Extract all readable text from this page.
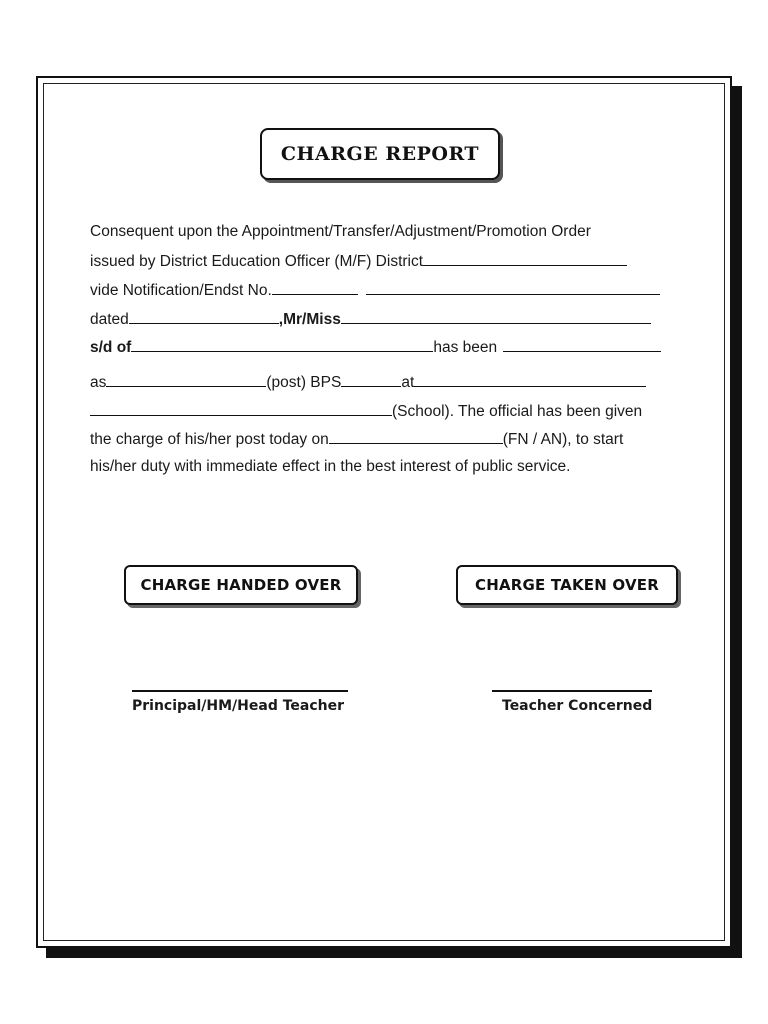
CHARGE REPORT
Consequent upon the Appointment/Transfer/Adjustment/Promotion Order
issued by District Education Officer (M/F) District
vide Notification/Endst No.
dated	,Mr/Miss
s/d of	has been
as	(post) BPS	at
(School). The official has been given
the charge of his/her post today on	(FN / AN), to start
his/her duty with immediate effect in the best interest of public service.
CHARGE HANDED OVER	CHARGE TAKEN OVER
Principal/HM/Head Teacher	Teacher Concerned
